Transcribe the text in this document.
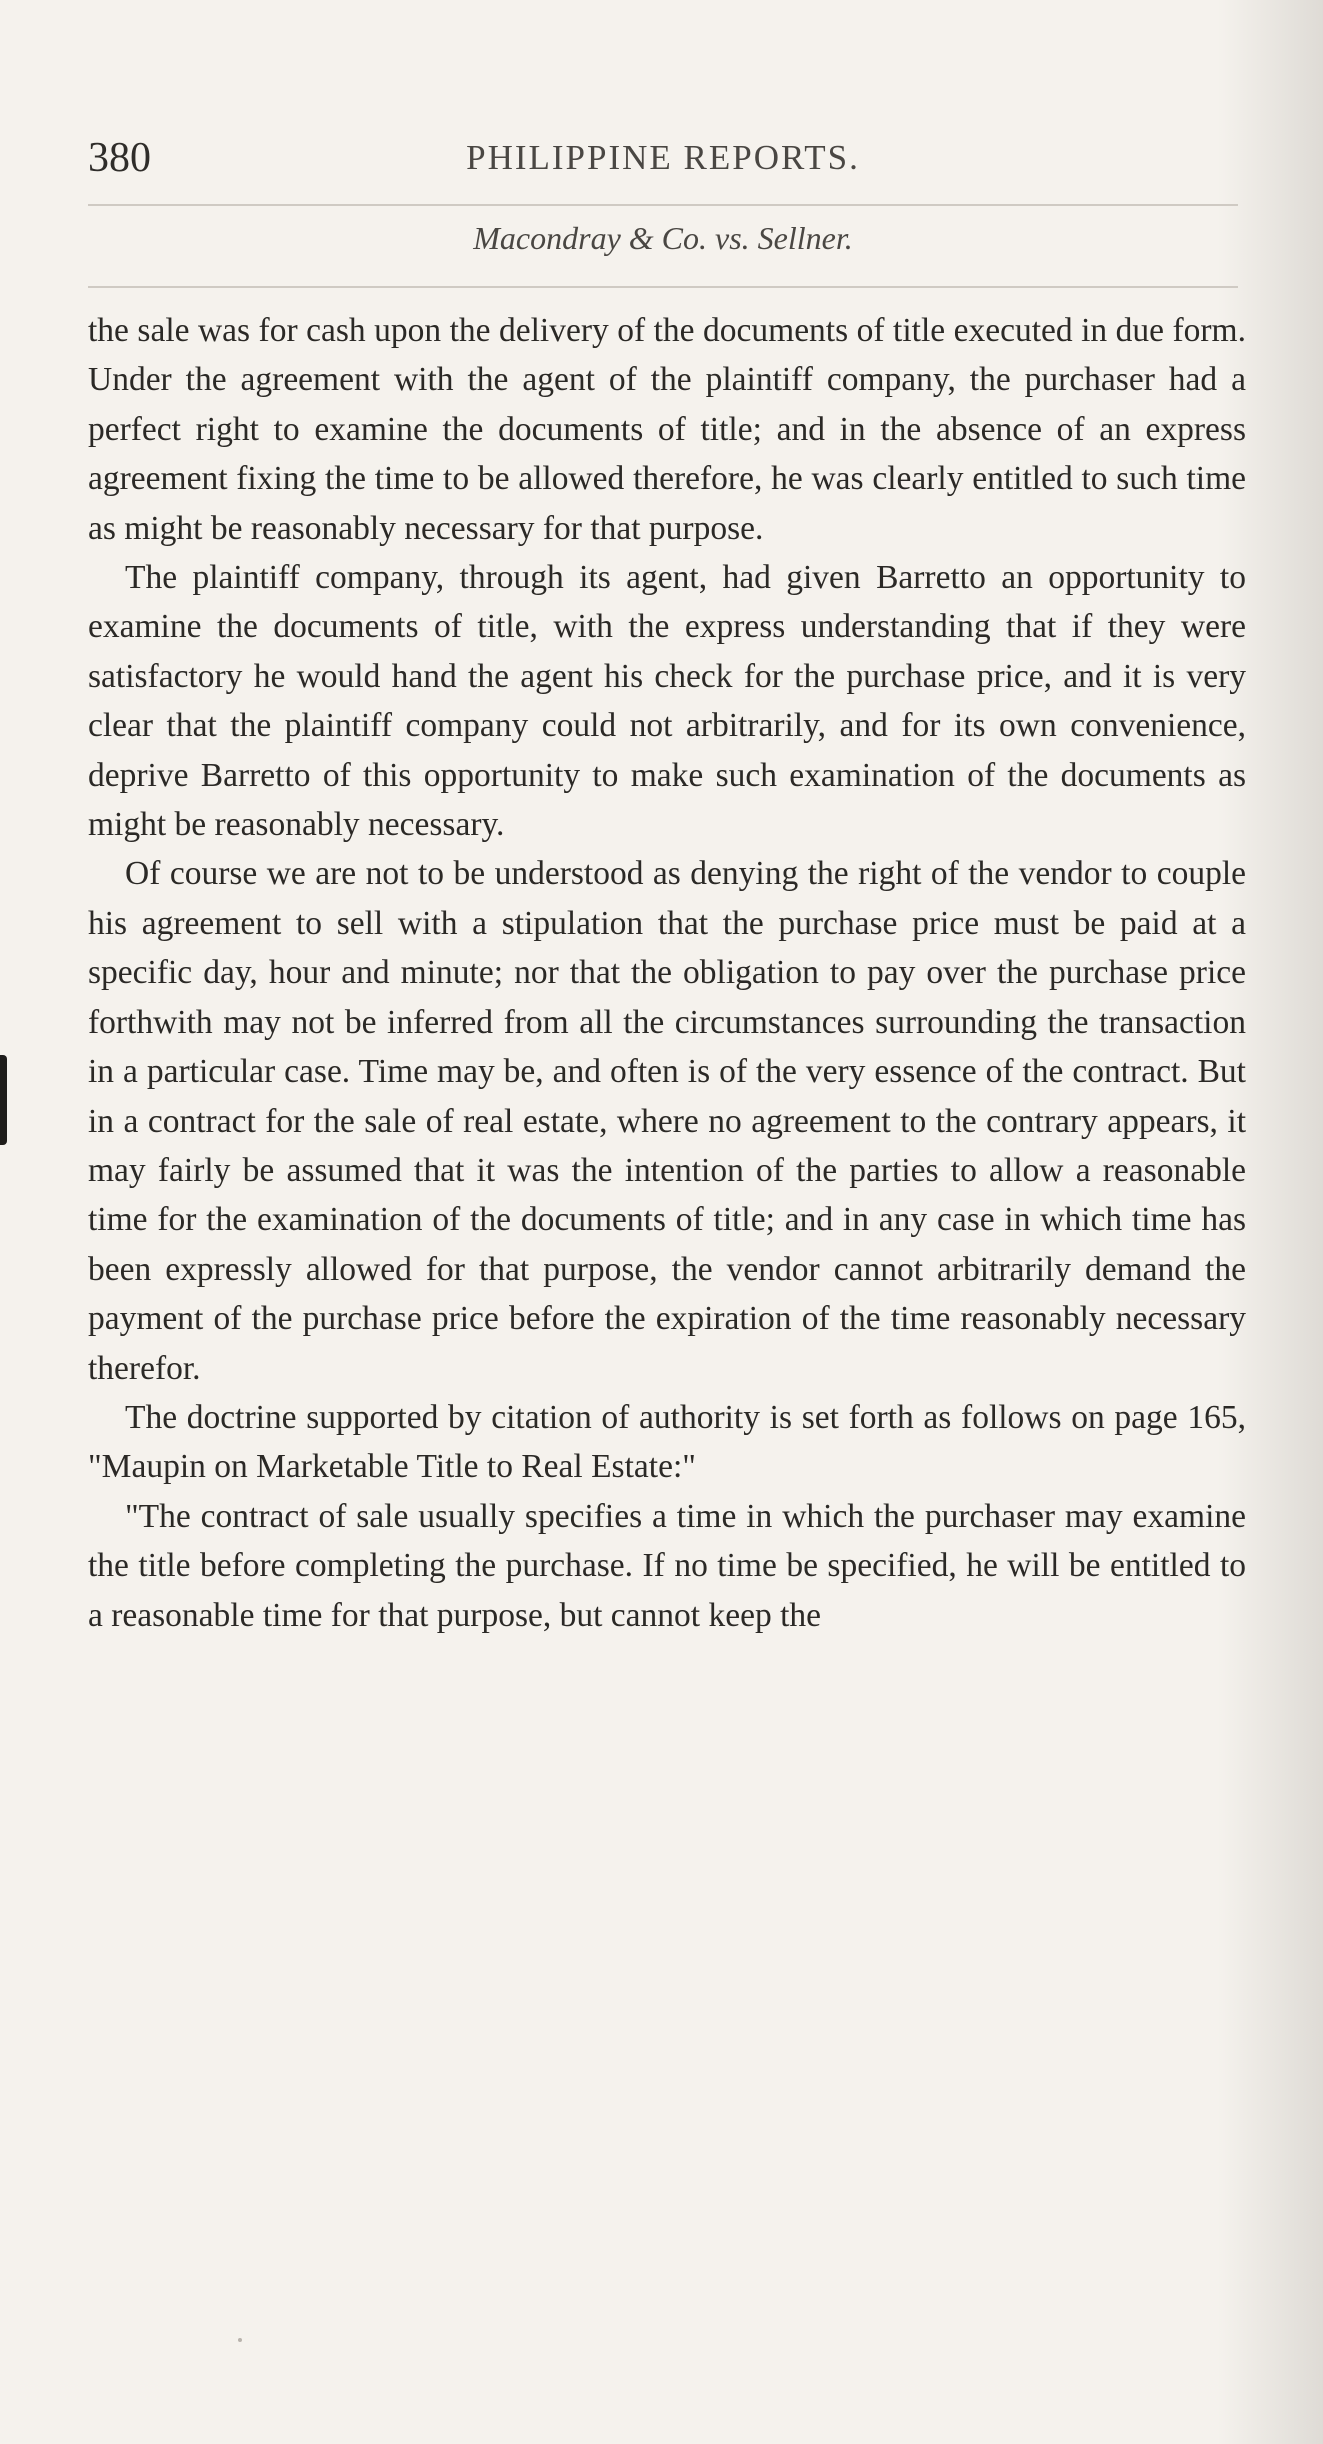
380	PHILIPPINE REPORTS.
Macondray & Co. vs. Sellner.

the sale was for cash upon the delivery of the documents of title executed in due form. Under the agreement with the agent of the plaintiff company, the purchaser had a perfect right to examine the documents of title; and in the absence of an express agreement fixing the time to be allowed therefore, he was clearly entitled to such time as might be reasonably necessary for that purpose.

The plaintiff company, through its agent, had given Barretto an opportunity to examine the documents of title, with the express understanding that if they were satisfactory he would hand the agent his check for the purchase price, and it is very clear that the plaintiff company could not arbitrarily, and for its own convenience, deprive Barretto of this opportunity to make such examination of the documents as might be reasonably necessary.

Of course we are not to be understood as denying the right of the vendor to couple his agreement to sell with a stipulation that the purchase price must be paid at a specific day, hour and minute; nor that the obligation to pay over the purchase price forthwith may not be inferred from all the circumstances surrounding the transaction in a particular case. Time may be, and often is of the very essence of the contract. But in a contract for the sale of real estate, where no agreement to the contrary appears, it may fairly be assumed that it was the intention of the parties to allow a reasonable time for the examination of the documents of title; and in any case in which time has been expressly allowed for that purpose, the vendor cannot arbitrarily demand the payment of the purchase price before the expiration of the time reasonably necessary therefor.

The doctrine supported by citation of authority is set forth as follows on page 165, "Maupin on Marketable Title to Real Estate:"

"The contract of sale usually specifies a time in which the purchaser may examine the title before completing the purchase. If no time be specified, he will be entitled to a reasonable time for that purpose, but cannot keep the
